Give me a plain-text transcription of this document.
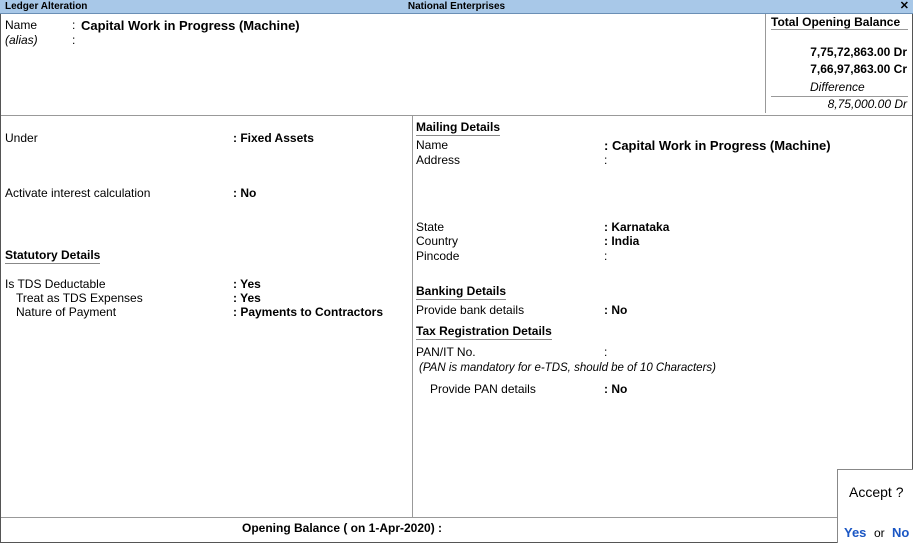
Ledger Alteration	National Enterprises	✕
Name	: Capital Work in Progress (Machine)
(alias)	:
Total Opening Balance
7,75,72,863.00 Dr
7,66,97,863.00 Cr
Difference
8,75,000.00 Dr
Under	: Fixed Assets
Activate interest calculation	: No
Statutory Details
Is TDS Deductable	: Yes
Treat as TDS Expenses	: Yes
Nature of Payment	: Payments to Contractors
Mailing Details
Name	: Capital Work in Progress (Machine)
Address	:
State	: Karnataka
Country	: India
Pincode	:
Banking Details
Provide bank details	: No
Tax Registration Details
PAN/IT No.	:
(PAN is mandatory for e-TDS, should be of 10 Characters)
Provide PAN details	: No
Opening Balance ( on 1-Apr-2020) :
Accept ?
Yes or No
